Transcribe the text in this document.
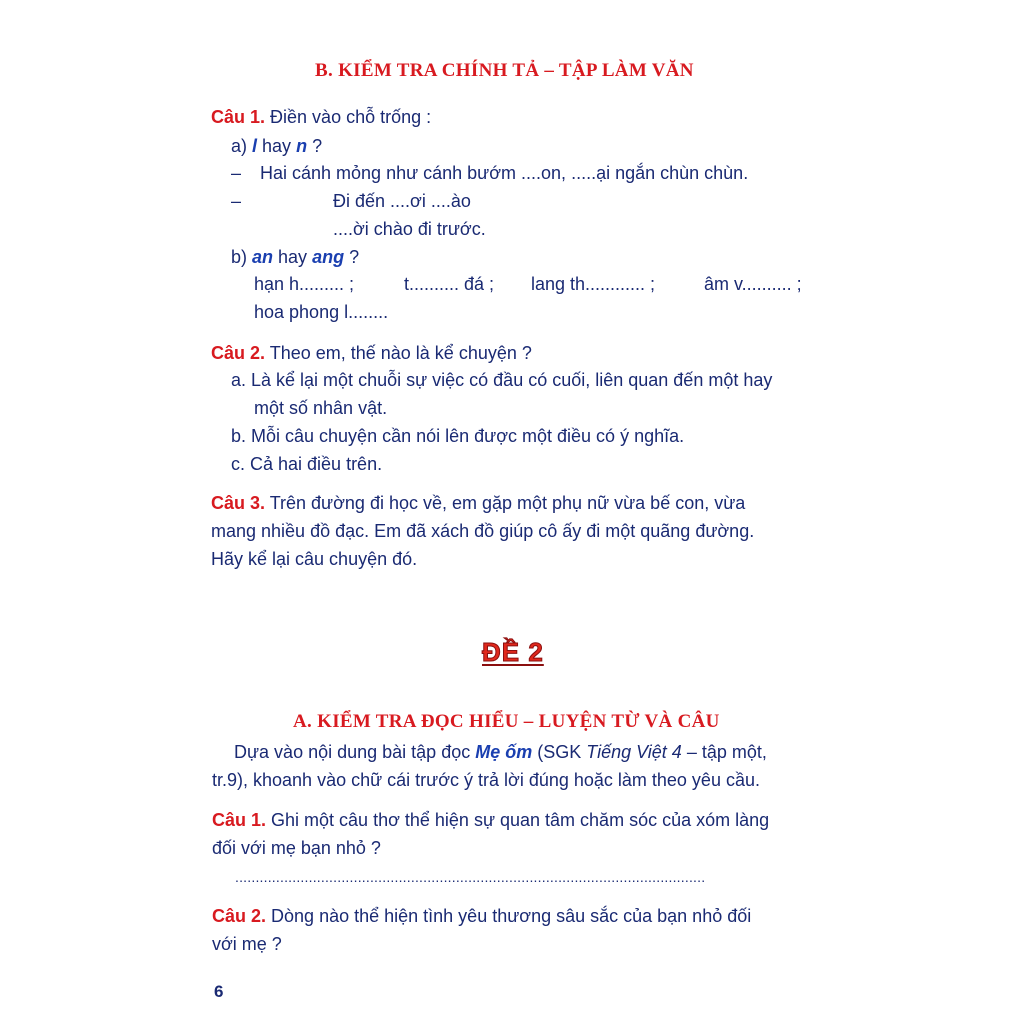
B. KIỂM TRA CHÍNH TẢ – TẬP LÀM VĂN
Câu 1. Điền vào chỗ trống :
a) l hay n ?
– Hai cánh mỏng như cánh bướm ....on, .....ại ngắn chùn chùn.
–	Đi đến ....ơi ....ào
....ời chào đi trước.
b) an hay ang ?
hạn h......... ;	t.......... đá ; lang th............ ;	âm v.......... ;
hoa phong l........
Câu 2. Theo em, thế nào là kể chuyện ?
a. Là kể lại một chuỗi sự việc có đầu có cuối, liên quan đến một hay
một số nhân vật.
b. Mỗi câu chuyện cần nói lên được một điều có ý nghĩa.
c. Cả hai điều trên.
Câu 3. Trên đường đi học về, em gặp một phụ nữ vừa bế con, vừa
mang nhiều đồ đạc. Em đã xách đồ giúp cô ấy đi một quãng đường.
Hãy kể lại câu chuyện đó.
ĐỀ 2
A. KIỂM TRA ĐỌC HIỂU – LUYỆN TỪ VÀ CÂU
Dựa vào nội dung bài tập đọc Mẹ ốm (SGK Tiếng Việt 4 – tập một,
tr.9), khoanh vào chữ cái trước ý trả lời đúng hoặc làm theo yêu cầu.
Câu 1. Ghi một câu thơ thể hiện sự quan tâm chăm sóc của xóm làng
đối với mẹ bạn nhỏ ?
...................................................................................................................
Câu 2. Dòng nào thể hiện tình yêu thương sâu sắc của bạn nhỏ đối
với mẹ ?
6
